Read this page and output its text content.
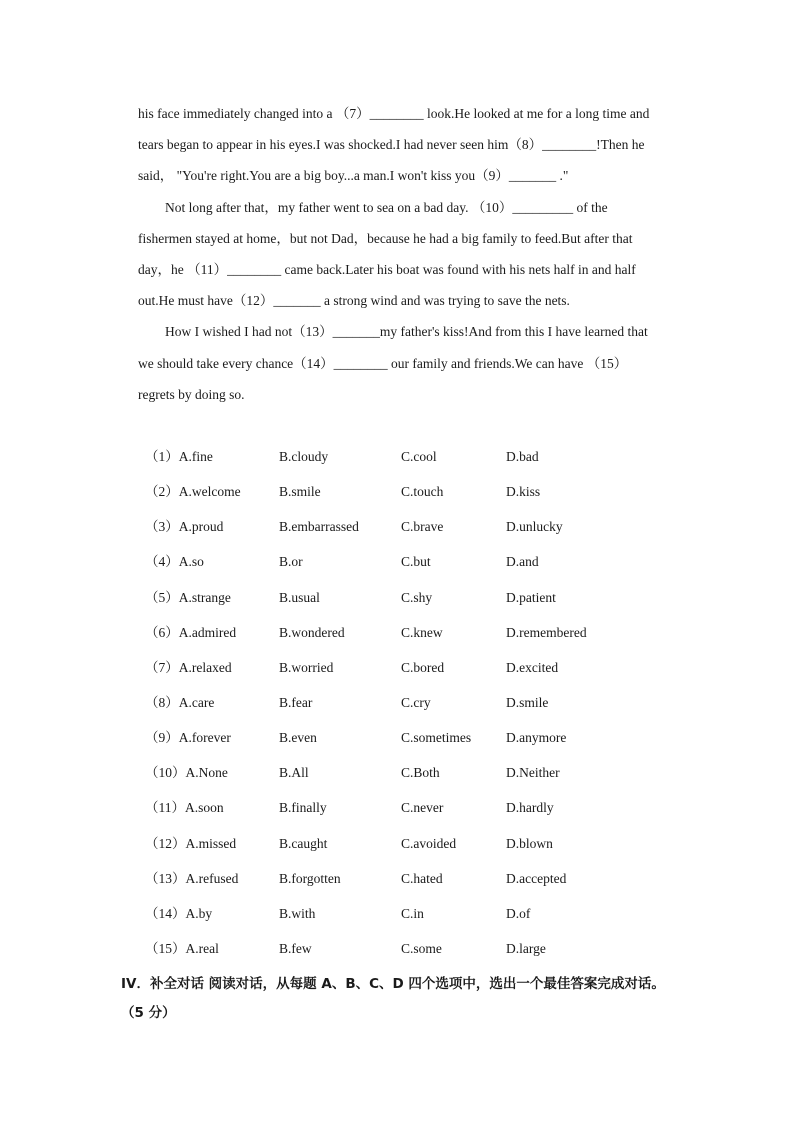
his face immediately changed into a （7）________ look.He looked at me for a long time and
tears began to appear in his eyes.I was shocked.I had never seen him（8）________!Then he
said， "You're right.You are a big boy...a man.I won't kiss you（9）_______ ."

Not long after that，my father went to sea on a bad day. （10）_________ of the
fishermen stayed at home，but not Dad，because he had a big family to feed.But after that
day，he （11）________ came back.Later his boat was found with his nets half in and half
out.He must have（12）_______ a strong wind and was trying to save the nets.

How I wished I had not（13）_______my father's kiss!And from this I have learned that
we should take every chance（14）________ our family and friends.We can have （15）
regrets by doing so.

（1）A.fine	B.cloudy	C.cool	D.bad
（2）A.welcome	B.smile	C.touch	D.kiss
（3）A.proud	B.embarrassed	C.brave	D.unlucky
（4）A.so	B.or	C.but	D.and
（5）A.strange	B.usual	C.shy	D.patient
（6）A.admired	B.wondered	C.knew	D.remembered
（7）A.relaxed	B.worried	C.bored	D.excited
（8）A.care	B.fear	C.cry	D.smile
（9）A.forever	B.even	C.sometimes	D.anymore
（10）A.None	B.All	C.Both	D.Neither
（11）A.soon	B.finally	C.never	D.hardly
（12）A.missed	B.caught	C.avoided	D.blown
（13）A.refused	B.forgotten	C.hated	D.accepted
（14）A.by	B.with	C.in	D.of
（15）A.real	B.few	C.some	D.large

IV．补全对话 阅读对话，从每题 A、B、C、D 四个选项中，选出一个最佳答案完成对话。

（5 分）
